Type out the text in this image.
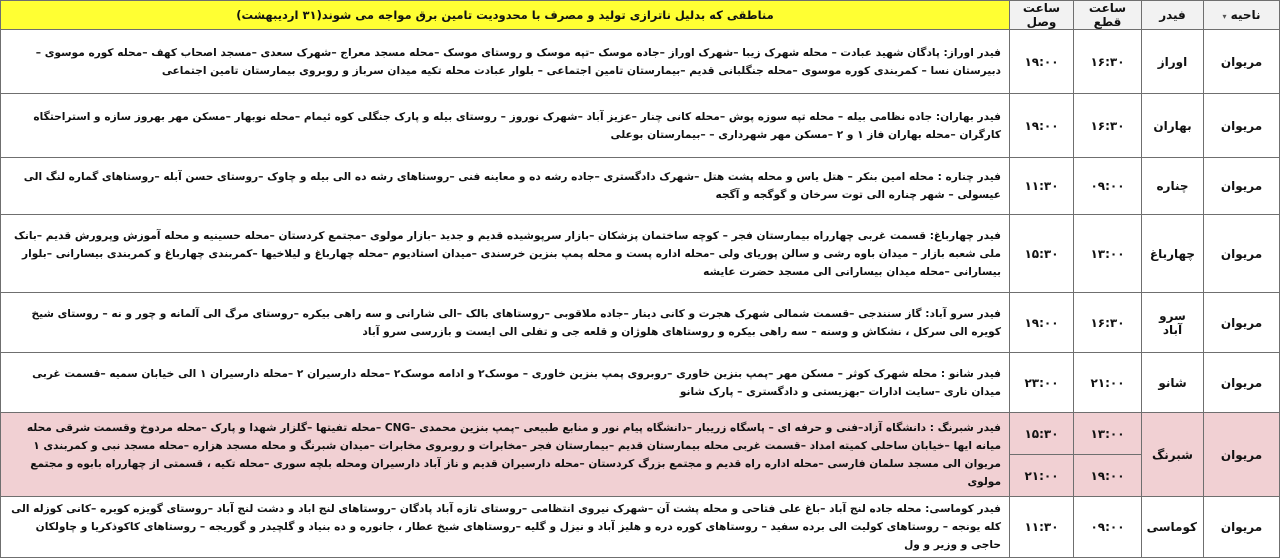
ناحیه ▾	فیدر	ساعت قطع	ساعت وصل	مناطقی که بدلیل ناترازی تولید و مصرف با محدودیت تامین برق مواجه می شوند(۳۱ اردیبهشت)
مریوان	اوراز	۱۶:۳۰	۱۹:۰۰	فیدر اوراز: پادگان شهید عبادت – محله شهرک زیبا –شهرک اوراز –جاده موسک –تپه موسک و روستای موسک –محله مسجد معراج –شهرک سعدی –مسجد اصحاب کهف –محله کوره موسوی –دبیرستان نسا – کمربندی کوره موسوی –محله جنگلبانی قدیم –بیمارستان تامین اجتماعی – بلوار عبادت محله تکیه میدان سرباز و روبروی بیمارستان تامین اجتماعی
مریوان	بهاران	۱۶:۳۰	۱۹:۰۰	فیدر بهاران: جاده نظامی بیله – محله تپه سوزه پوش –محله کانی چنار –عزیز آباد –شهرک نوروز – روستای بیله و پارک جنگلی کوه ئیمام –محله نوبهار –مسکن مهر بهروز سازه و استراحتگاه کارگران –محله بهاران فاز ۱ و ۲ –مسکن مهر شهرداری – –بیمارستان بوعلی
مریوان	چناره	۰۹:۰۰	۱۱:۳۰	فیدر چناره : محله امین بنکر – هتل یاس و محله پشت هتل –شهرک دادگستری –جاده رشه ده و معاینه فنی –روستاهای رشه ده الی بیله و چاوک –روستای حسن آبله –روستاهای گماره لنگ الی عیسولی – شهر چناره الی توت سرخان و گوگجه و آگجه
مریوان	چهارباغ	۱۳:۰۰	۱۵:۳۰	فیدر چهارباغ: قسمت غربی چهارراه بیمارستان فجر – کوچه ساختمان پزشکان –بازار سرپوشیده قدیم و جدید –بازار مولوی –مجتمع کردستان –محله حسینیه و محله آموزش وپرورش قدیم –بانک ملی شعبه بازار – میدان باوه رشی و سالن پوریای ولی –محله اداره پست و محله پمپ بنزین خرسندی –میدان استادیوم –محله چهارباغ و لیلاخیها –کمربندی چهارباغ و کمربندی بیسارانی –بلوار بیسارانی –محله میدان بیسارانی الی مسجد حضرت عایشه
مریوان	سرو آباد	۱۶:۳۰	۱۹:۰۰	فیدر سرو آباد: گاز سنندجی –قسمت شمالی شهرک هجرت و کانی دینار –جاده ملاقوبی –روستاهای بالک –الی شارانی و سه راهی بیکره –روستای مرگ الی آلمانه و چور و نه – روستای شیخ کویره الی سرکل ، نشکاش و وسنه – سه راهی بیکره و روستاهای هلوژان و قلعه جی و تفلی الی ایست و بازرسی سرو آباد
مریوان	شانو	۲۱:۰۰	۲۳:۰۰	فیدر شانو : محله شهرک کوثر – مسکن مهر –پمپ بنزین خاوری –روبروی پمپ بنزین خاوری – موسک۲ و ادامه موسک۲ –محله دارسیران ۲ –محله دارسیران ۱ الی خیابان سمیه –قسمت غربی میدان ناری –سایت ادارات –بهزیستی و دادگستری – پارک شانو
مریوان	شبرنگ	۱۳:۰۰	۱۵:۳۰	فیدر شبرنگ : دانشگاه آزاد–فنی و حرفه ای – پاسگاه زریبار –دانشگاه پیام نور و منابع طبیعی –پمپ بنزین محمدی –CNG –محله تفیتها –گلزار شهدا و پارک –محله مردوخ وقسمت شرقی محله میانه ایها –خیابان ساحلی کمیته امداد –قسمت غربی محله بیمارستان قدیم –بیمارستان فجر –مخابرات و روبروی مخابرات –میدان شبرنگ و محله مسجد هزاره –محله مسجد نبی و کمربندی ۱ مریوان الی مسجد سلمان فارسی –محله اداره راه قدیم و مجتمع بزرگ کردستان –محله دارسیران قدیم و ناز آباد دارسیران ومحله بلچه سوری –محله تکیه ، قسمتی از چهارراه بابوه و مجتمع مولوی
		۱۹:۰۰	۲۱:۰۰	
مریوان	کوماسی	۰۹:۰۰	۱۱:۳۰	فیدر کوماسی: محله جاده لنج آباد –باغ علی فتاحی و محله پشت آن –شهرک نیروی انتظامی –روستای تازه آباد پادگان –روستاهای لنج اباد و دشت لنج آباد –روستای گویزه کویره –کانی کوزله الی کله یونجه – روستاهای کولیت الی برده سفید – روستاهای کوره دره و هلیز آباد و نیزل و گلیه –روستاهای شیخ عطار ، جانوره و ده بنیاد و گلچیدر و گوریجه – روستاهای کاکوذکریا و چاولکان حاجی و وزیر و ول
